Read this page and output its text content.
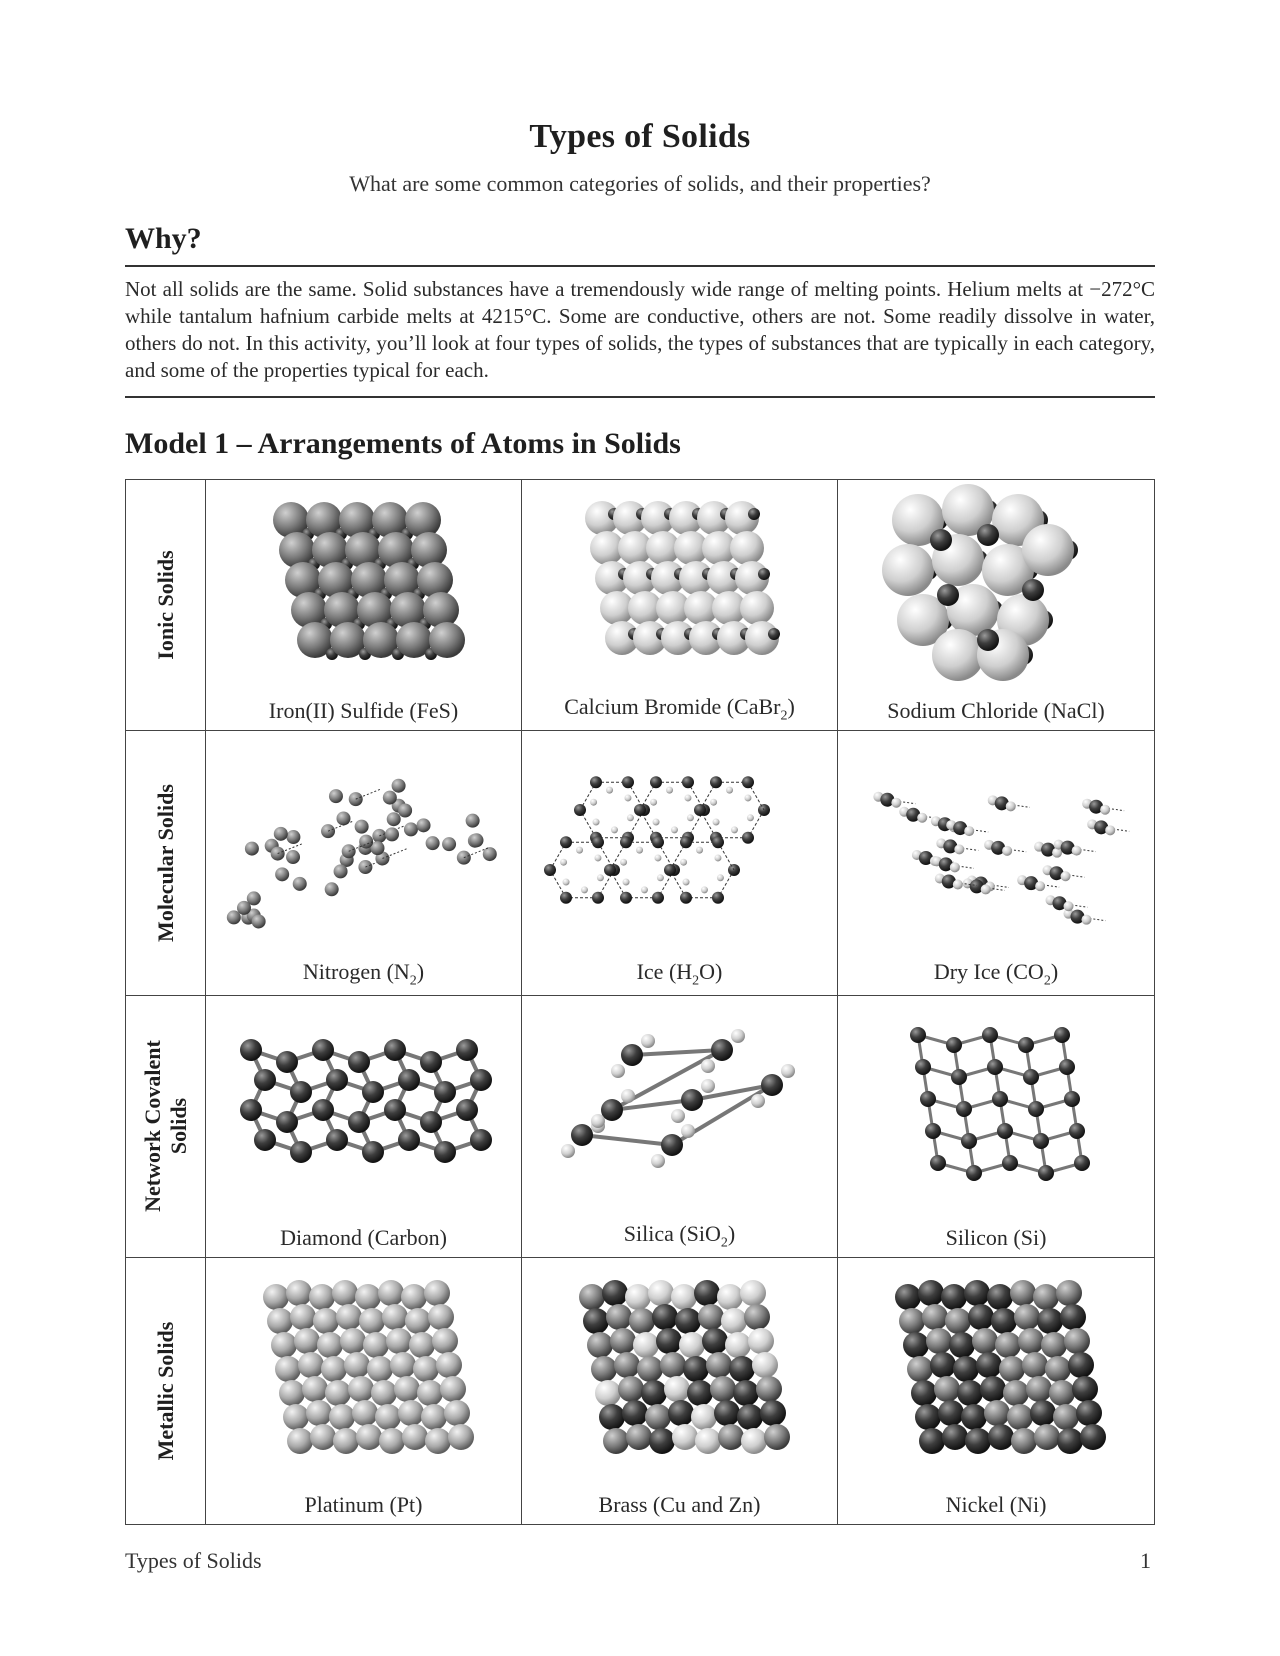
Types of Solids
What are some common categories of solids, and their properties?
Why?
Not all solids are the same. Solid substances have a tremendously wide range of melting points. Helium melts at −272°C while tantalum hafnium carbide melts at 4215°C. Some are conductive, others are not. Some readily dissolve in water, others do not. In this activity, you’ll look at four types of solids, the types of substances that are typically in each category, and some of the properties typical for each.
Model 1 – Arrangements of Atoms in Solids
Ionic Solids
Iron(II) Sulfide (FeS)	Calcium Bromide (CaBr$_2$)	Sodium Chloride (NaCl)
Molecular Solids
Nitrogen $(N_2)$	Ice $(H_2O)$	Dry Ice $(CO_2)$
Network Covalent
Solids
Diamond (Carbon)	Silica (SiO$_2$)	Silicon (Si)
Metallic Solids
Platinum (Pt)	Brass (Cu and Zn)	Nickel (Ni)
Types of Solids	1
